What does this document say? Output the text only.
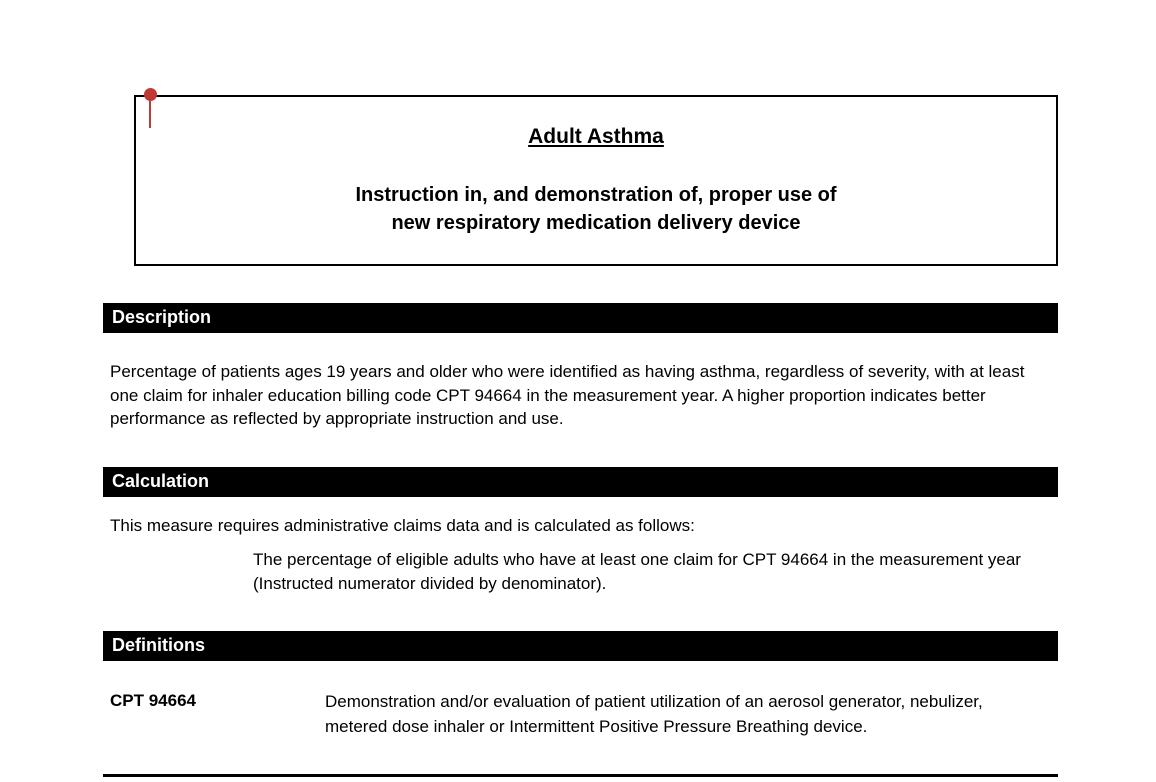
Adult Asthma
Instruction in, and demonstration of, proper use of
new respiratory medication delivery device
Description
Percentage of patients ages 19 years and older who were identified as having asthma, regardless of severity, with at least one claim for inhaler education billing code CPT 94664 in the measurement year. A higher proportion indicates better performance as reflected by appropriate instruction and use.
Calculation
This measure requires administrative claims data and is calculated as follows:
The percentage of eligible adults who have at least one claim for CPT 94664 in the measurement year (Instructed numerator divided by denominator).
Definitions
CPT 94664	Demonstration and/or evaluation of patient utilization of an aerosol generator, nebulizer, metered dose inhaler or Intermittent Positive Pressure Breathing device.
